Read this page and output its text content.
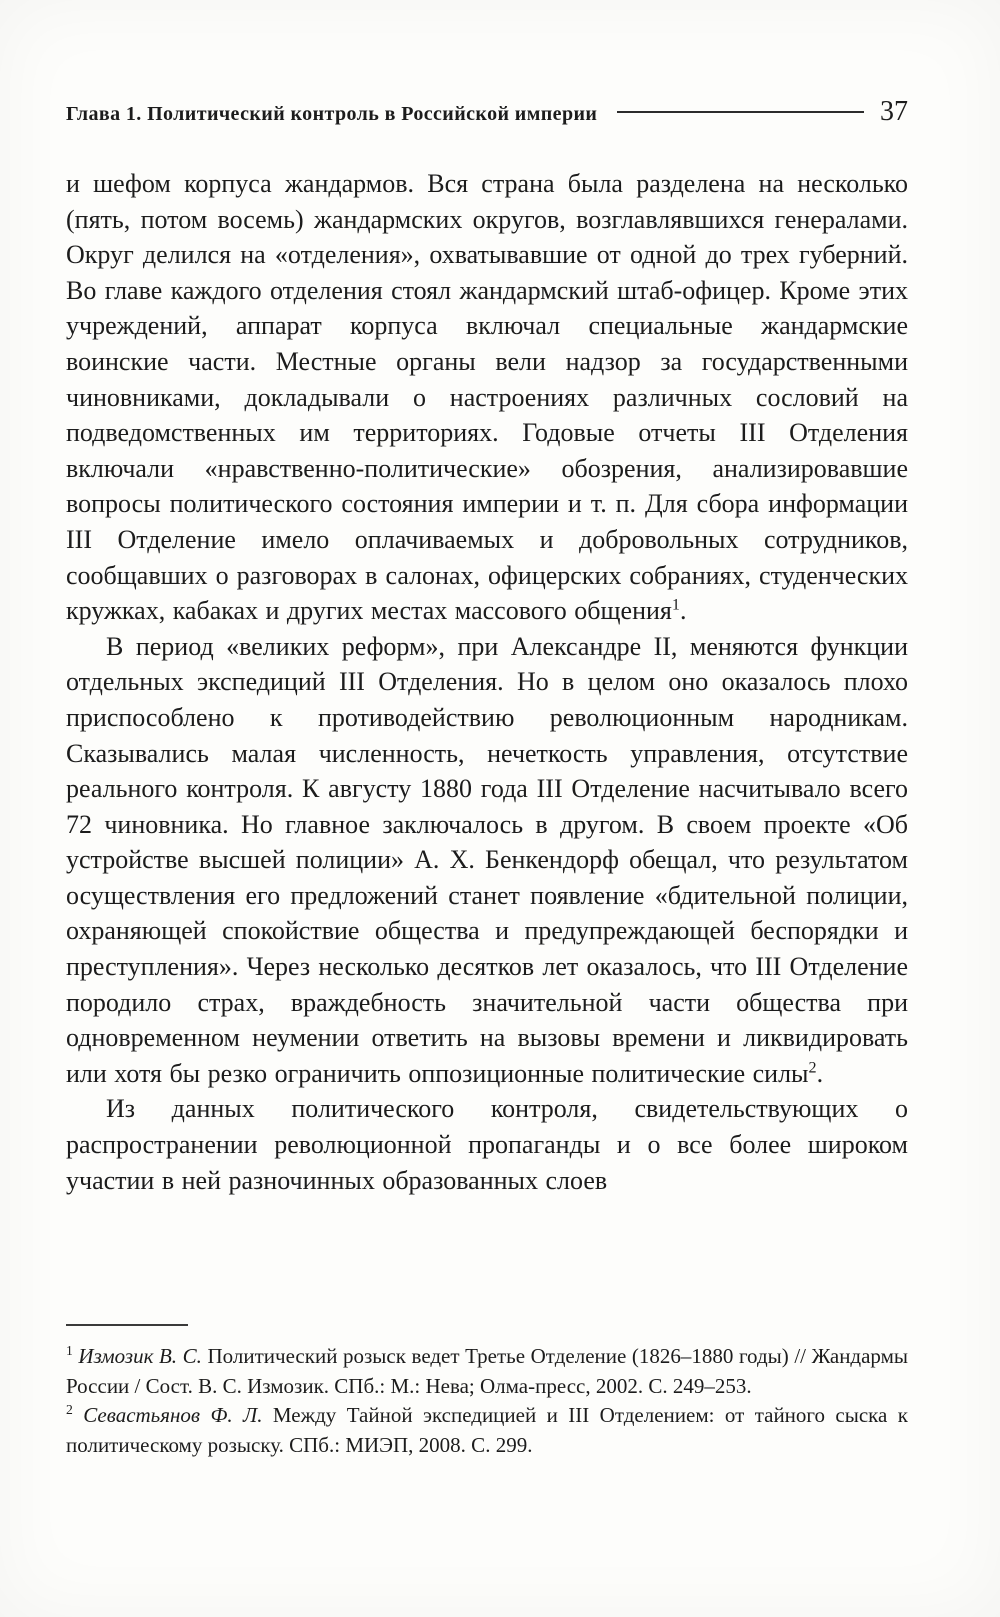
Глава 1. Политический контроль в Российской империи	37

и шефом корпуса жандармов. Вся страна была разделена на несколько (пять, потом восемь) жандармских округов, возглавлявшихся генералами. Округ делился на «отделения», охватывавшие от одной до трех губерний. Во главе каждого отделения стоял жандармский штаб-офицер. Кроме этих учреждений, аппарат корпуса включал специальные жандармские воинские части. Местные органы вели надзор за государственными чиновниками, докладывали о настроениях различных сословий на подведомственных им территориях. Годовые отчеты III Отделения включали «нравственно-политические» обозрения, анализировавшие вопросы политического состояния империи и т. п. Для сбора информации III Отделение имело оплачиваемых и добровольных сотрудников, сообщавших о разговорах в салонах, офицерских собраниях, студенческих кружках, кабаках и других местах массового общения$^1$.

В период «великих реформ», при Александре II, меняются функции отдельных экспедиций III Отделения. Но в целом оно оказалось плохо приспособлено к противодействию революционным народникам. Сказывались малая численность, нечеткость управления, отсутствие реального контроля. К августу 1880 года III Отделение насчитывало всего 72 чиновника. Но главное заключалось в другом. В своем проекте «Об устройстве высшей полиции» А. Х. Бенкендорф обещал, что результатом осуществления его предложений станет появление «бдительной полиции, охраняющей спокойствие общества и предупреждающей беспорядки и преступления». Через несколько десятков лет оказалось, что III Отделение породило страх, враждебность значительной части общества при одновременном неумении ответить на вызовы времени и ликвидировать или хотя бы резко ограничить оппозиционные политические силы$^2$.

Из данных политического контроля, свидетельствующих о распространении революционной пропаганды и о все более широком участии в ней разночинных образованных слоев

$^1$ Измозик В. С. Политический розыск ведет Третье Отделение (1826–1880 годы) // Жандармы России / Сост. В. С. Измозик. СПб.: М.: Нева; Олма-пресс, 2002. С. 249–253.

$^2$ Севастьянов Ф. Л. Между Тайной экспедицией и III Отделением: от тайного сыска к политическому розыску. СПб.: МИЭП, 2008. С. 299.
